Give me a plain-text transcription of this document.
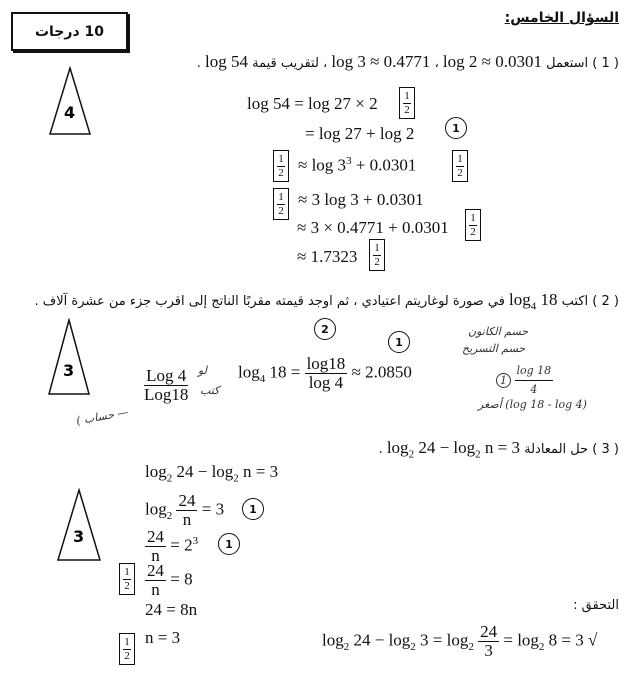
السؤال الخامس:
10 درجات
( 1 ) استعمل log 3 ≈ 0.4771 ، log 2 ≈ 0.0301 ، لتقريب قيمة log 54 .
4	log 54 = log 27 × 2 1
2
= log 27 + log 2	1
1
$2 \approx \log 3^3 + 0.0301$	1
2
1
2
≈ 3 log 3 + 0.0301
≈ 3 × 0.4771 + 0.0301
1
2
≈ 1.7323 1
2
( 2 ) اكتب $\log_4 18$ في صورة لوغاريتم اعتيادي ، ثم اوجد قيمته مقربًا الناتج إلى اقرب جزء من عشرة آلاف .
3	$\frac{\text{Log 4}}{\text{Log18}}$ لو
كتب
( حساب —
$\log_4 18 = \frac{\log 18}{\log 4} \approx 2.0850$
2
1
حسم الكانون
حسم التسريح
$1 \frac{\log 18}{4}$
أصغر (log 18 - log 4)
( 3 ) حل المعادلة $\log_2 24 - \log_2 n = 3$ .
$\log_2 24 - \log_2 n = 3$
3
$\log_2 \frac{24}{n} = 3$ 1
$\frac{24}{n} = 2^3$ 1
1
$2 \frac{24}{n} = 8$
24 = 8n
1
2
n = 3
التحقق :
$\log_2 24 - \log_2 3 = \log_2 \frac{24}{3} = \log_2 8 = 3$ √
